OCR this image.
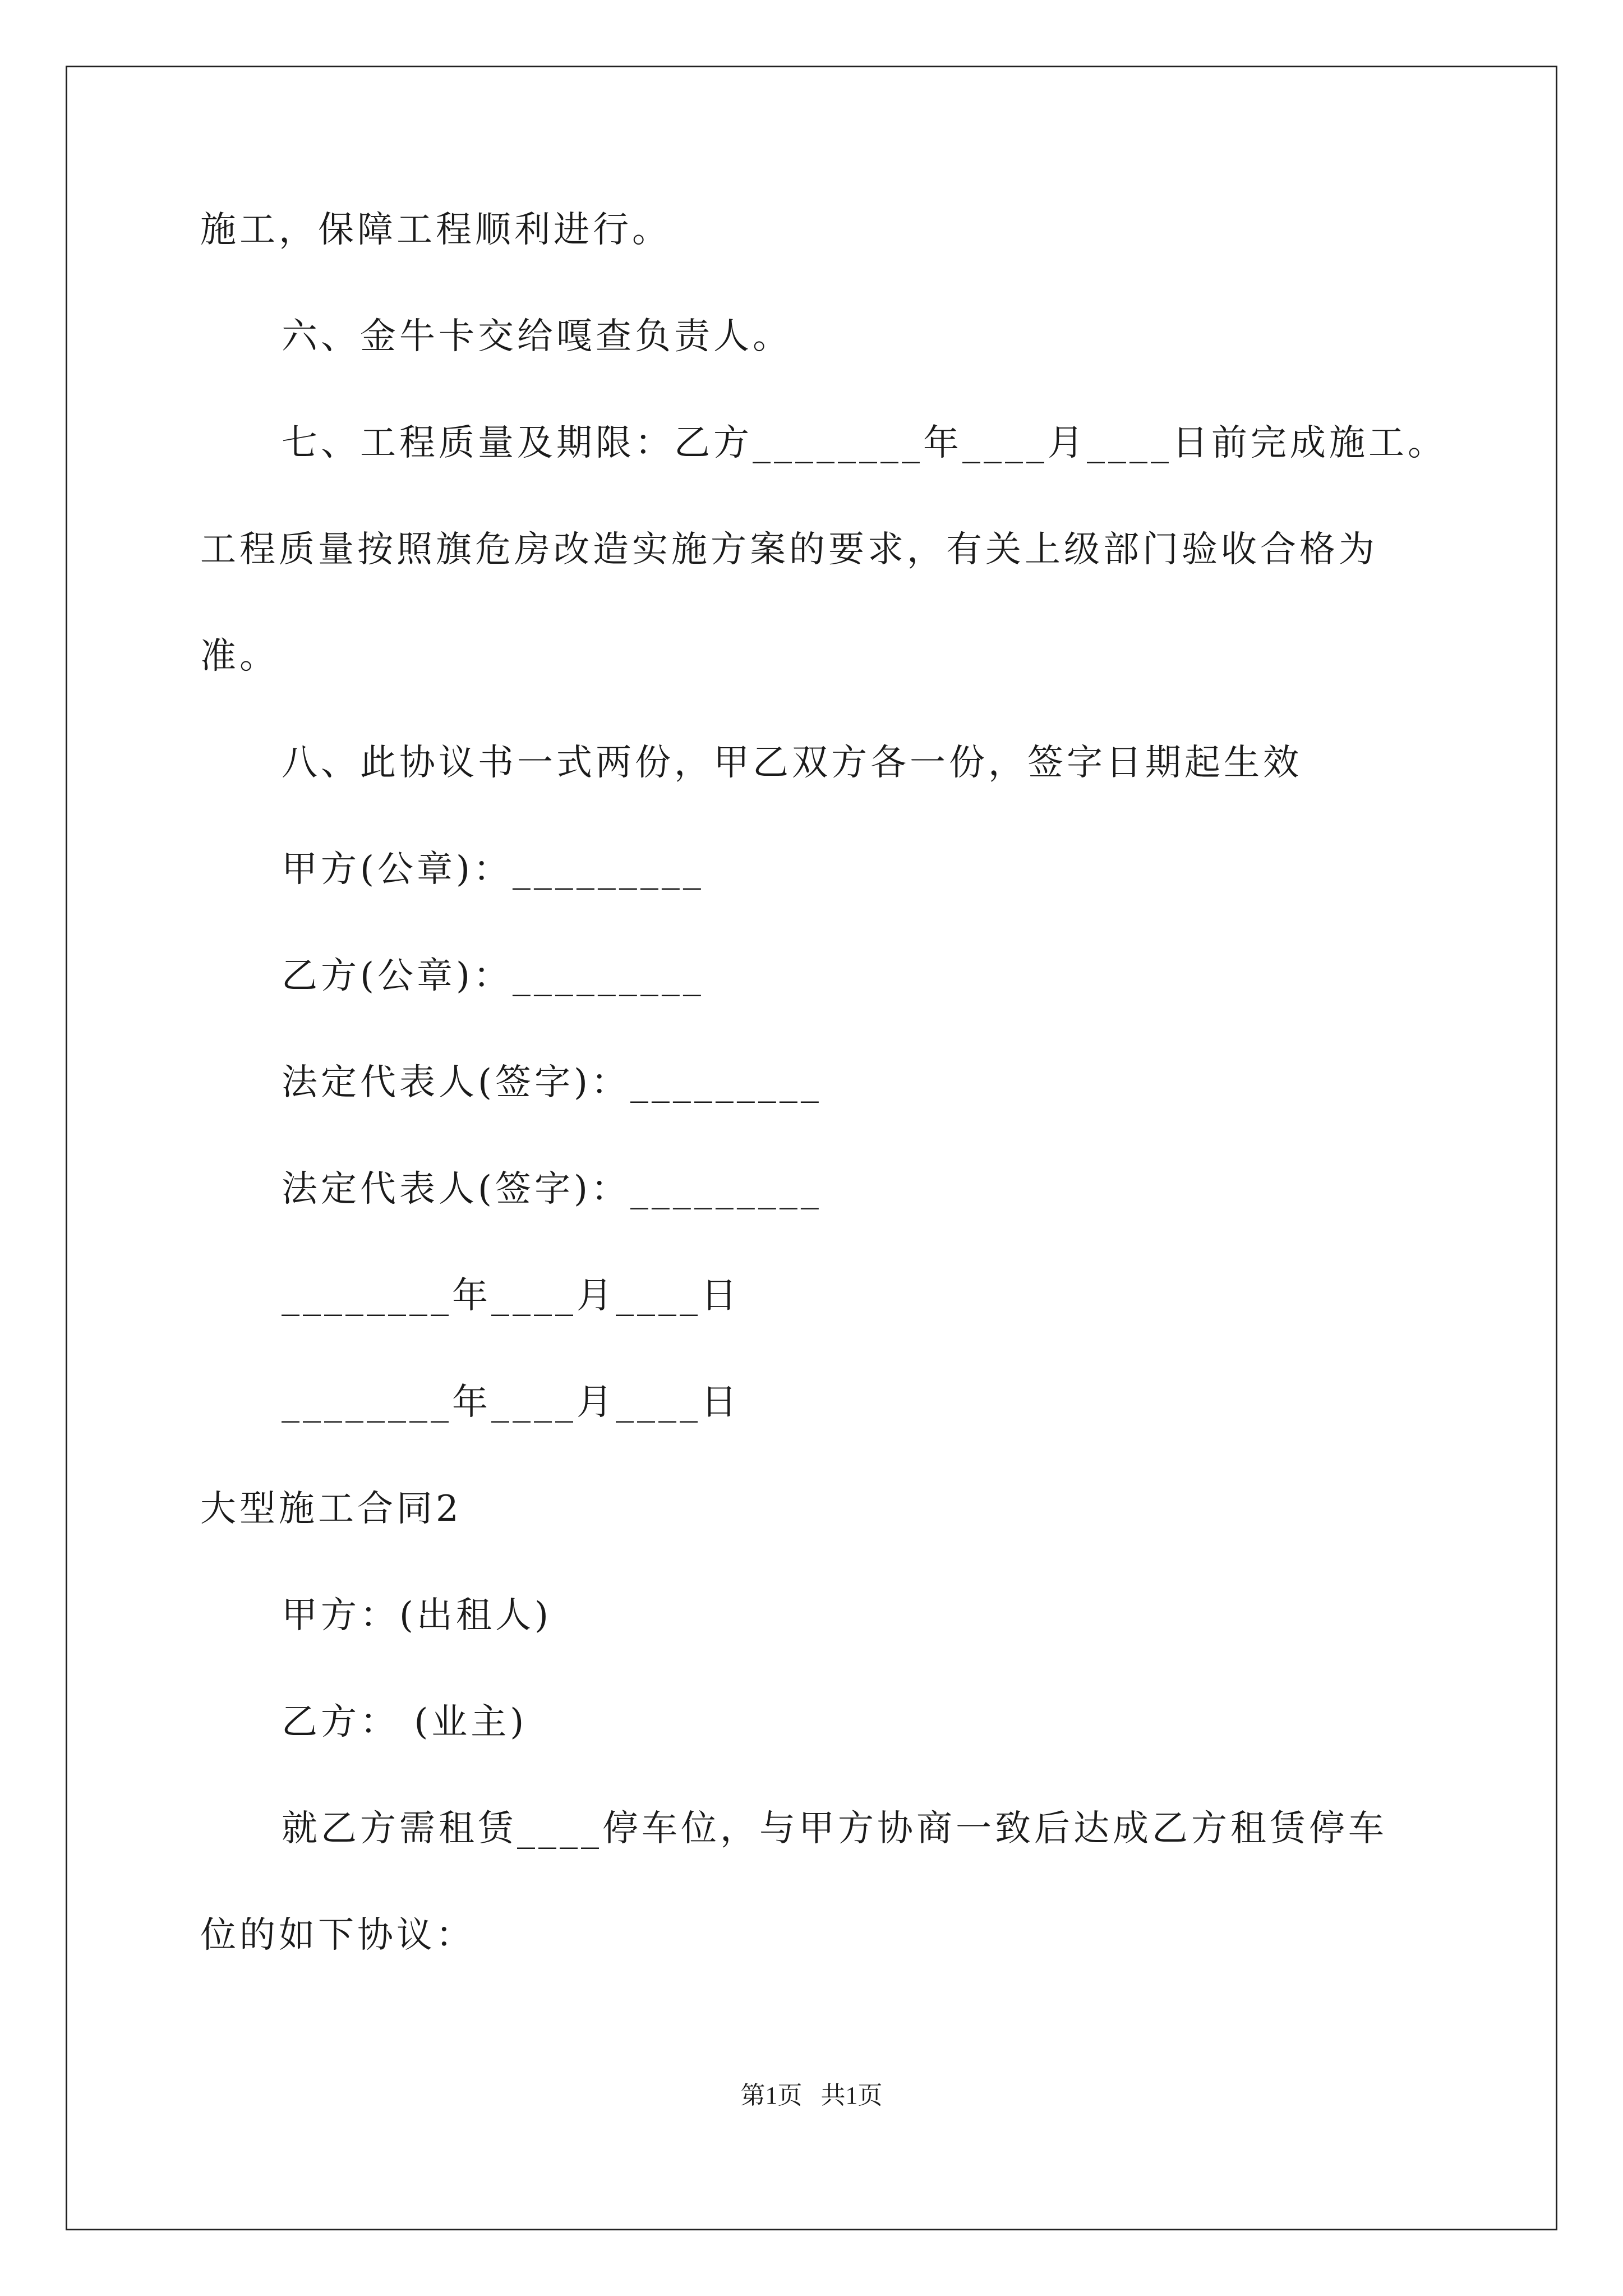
施工，保障工程顺利进行。
六、金牛卡交给嘎查负责人。
七、工程质量及期限：乙方________年____月____日前完成施工。
工程质量按照旗危房改造实施方案的要求，有关上级部门验收合格为
准。
八、此协议书一式两份，甲乙双方各一份，签字日期起生效
甲方(公章)：_________
乙方(公章)：_________
法定代表人(签字)：_________
法定代表人(签字)：_________
________年____月____日
________年____月____日
大型施工合同2
甲方：(出租人)
乙方： (业主)
就乙方需租赁____停车位，与甲方协商一致后达成乙方租赁停车
位的如下协议：
第1页   共1页
